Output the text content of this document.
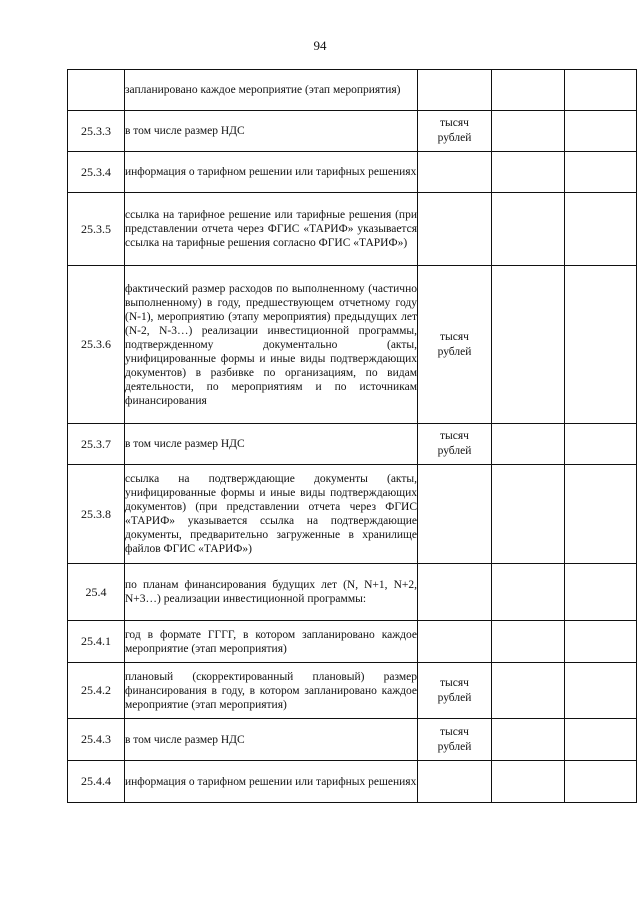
94
	запланировано каждое мероприятие (этап мероприятия)	

25.3.3	в том числе размер НДС	тысяч
рублей		

25.3.4	информация о тарифном решении или тарифных решениях	

25.3.5	ссылка на тарифное решение или тарифные решения (при представлении отчета через ФГИС «ТАРИФ» указывается ссылка на тарифные решения согласно ФГИС «ТАРИФ»)	

25.3.6	фактический размер расходов по выполненному (частично выполненному) в году, предшествующем отчетному году (N-1), мероприятию (этапу мероприятия) предыдущих лет (N-2, N-3…) реализации инвестиционной программы, подтвержденному документально (акты, унифицированные формы и иные виды подтверждающих документов) в разбивке по организациям, по видам деятельности, по мероприятиям и по источникам финансирования	тысяч
рублей		

25.3.7	в том числе размер НДС	тысяч
рублей		

25.3.8	ссылка на подтверждающие документы (акты, унифицированные формы и иные виды подтверждающих документов) (при представлении отчета через ФГИС «ТАРИФ» указывается ссылка на подтверждающие документы, предварительно загруженные в хранилище файлов ФГИС «ТАРИФ»)	

25.4	по планам финансирования будущих лет (N, N+1, N+2, N+3…) реализации инвестиционной программы:	

25.4.1	год в формате ГГГГ, в котором запланировано каждое мероприятие (этап мероприятия)	

25.4.2	плановый (скорректированный плановый) размер финансирования в году, в котором запланировано каждое мероприятие (этап мероприятия)	тысяч
рублей		

25.4.3	в том числе размер НДС	тысяч
рублей		

25.4.4	информация о тарифном решении или тарифных решениях	
